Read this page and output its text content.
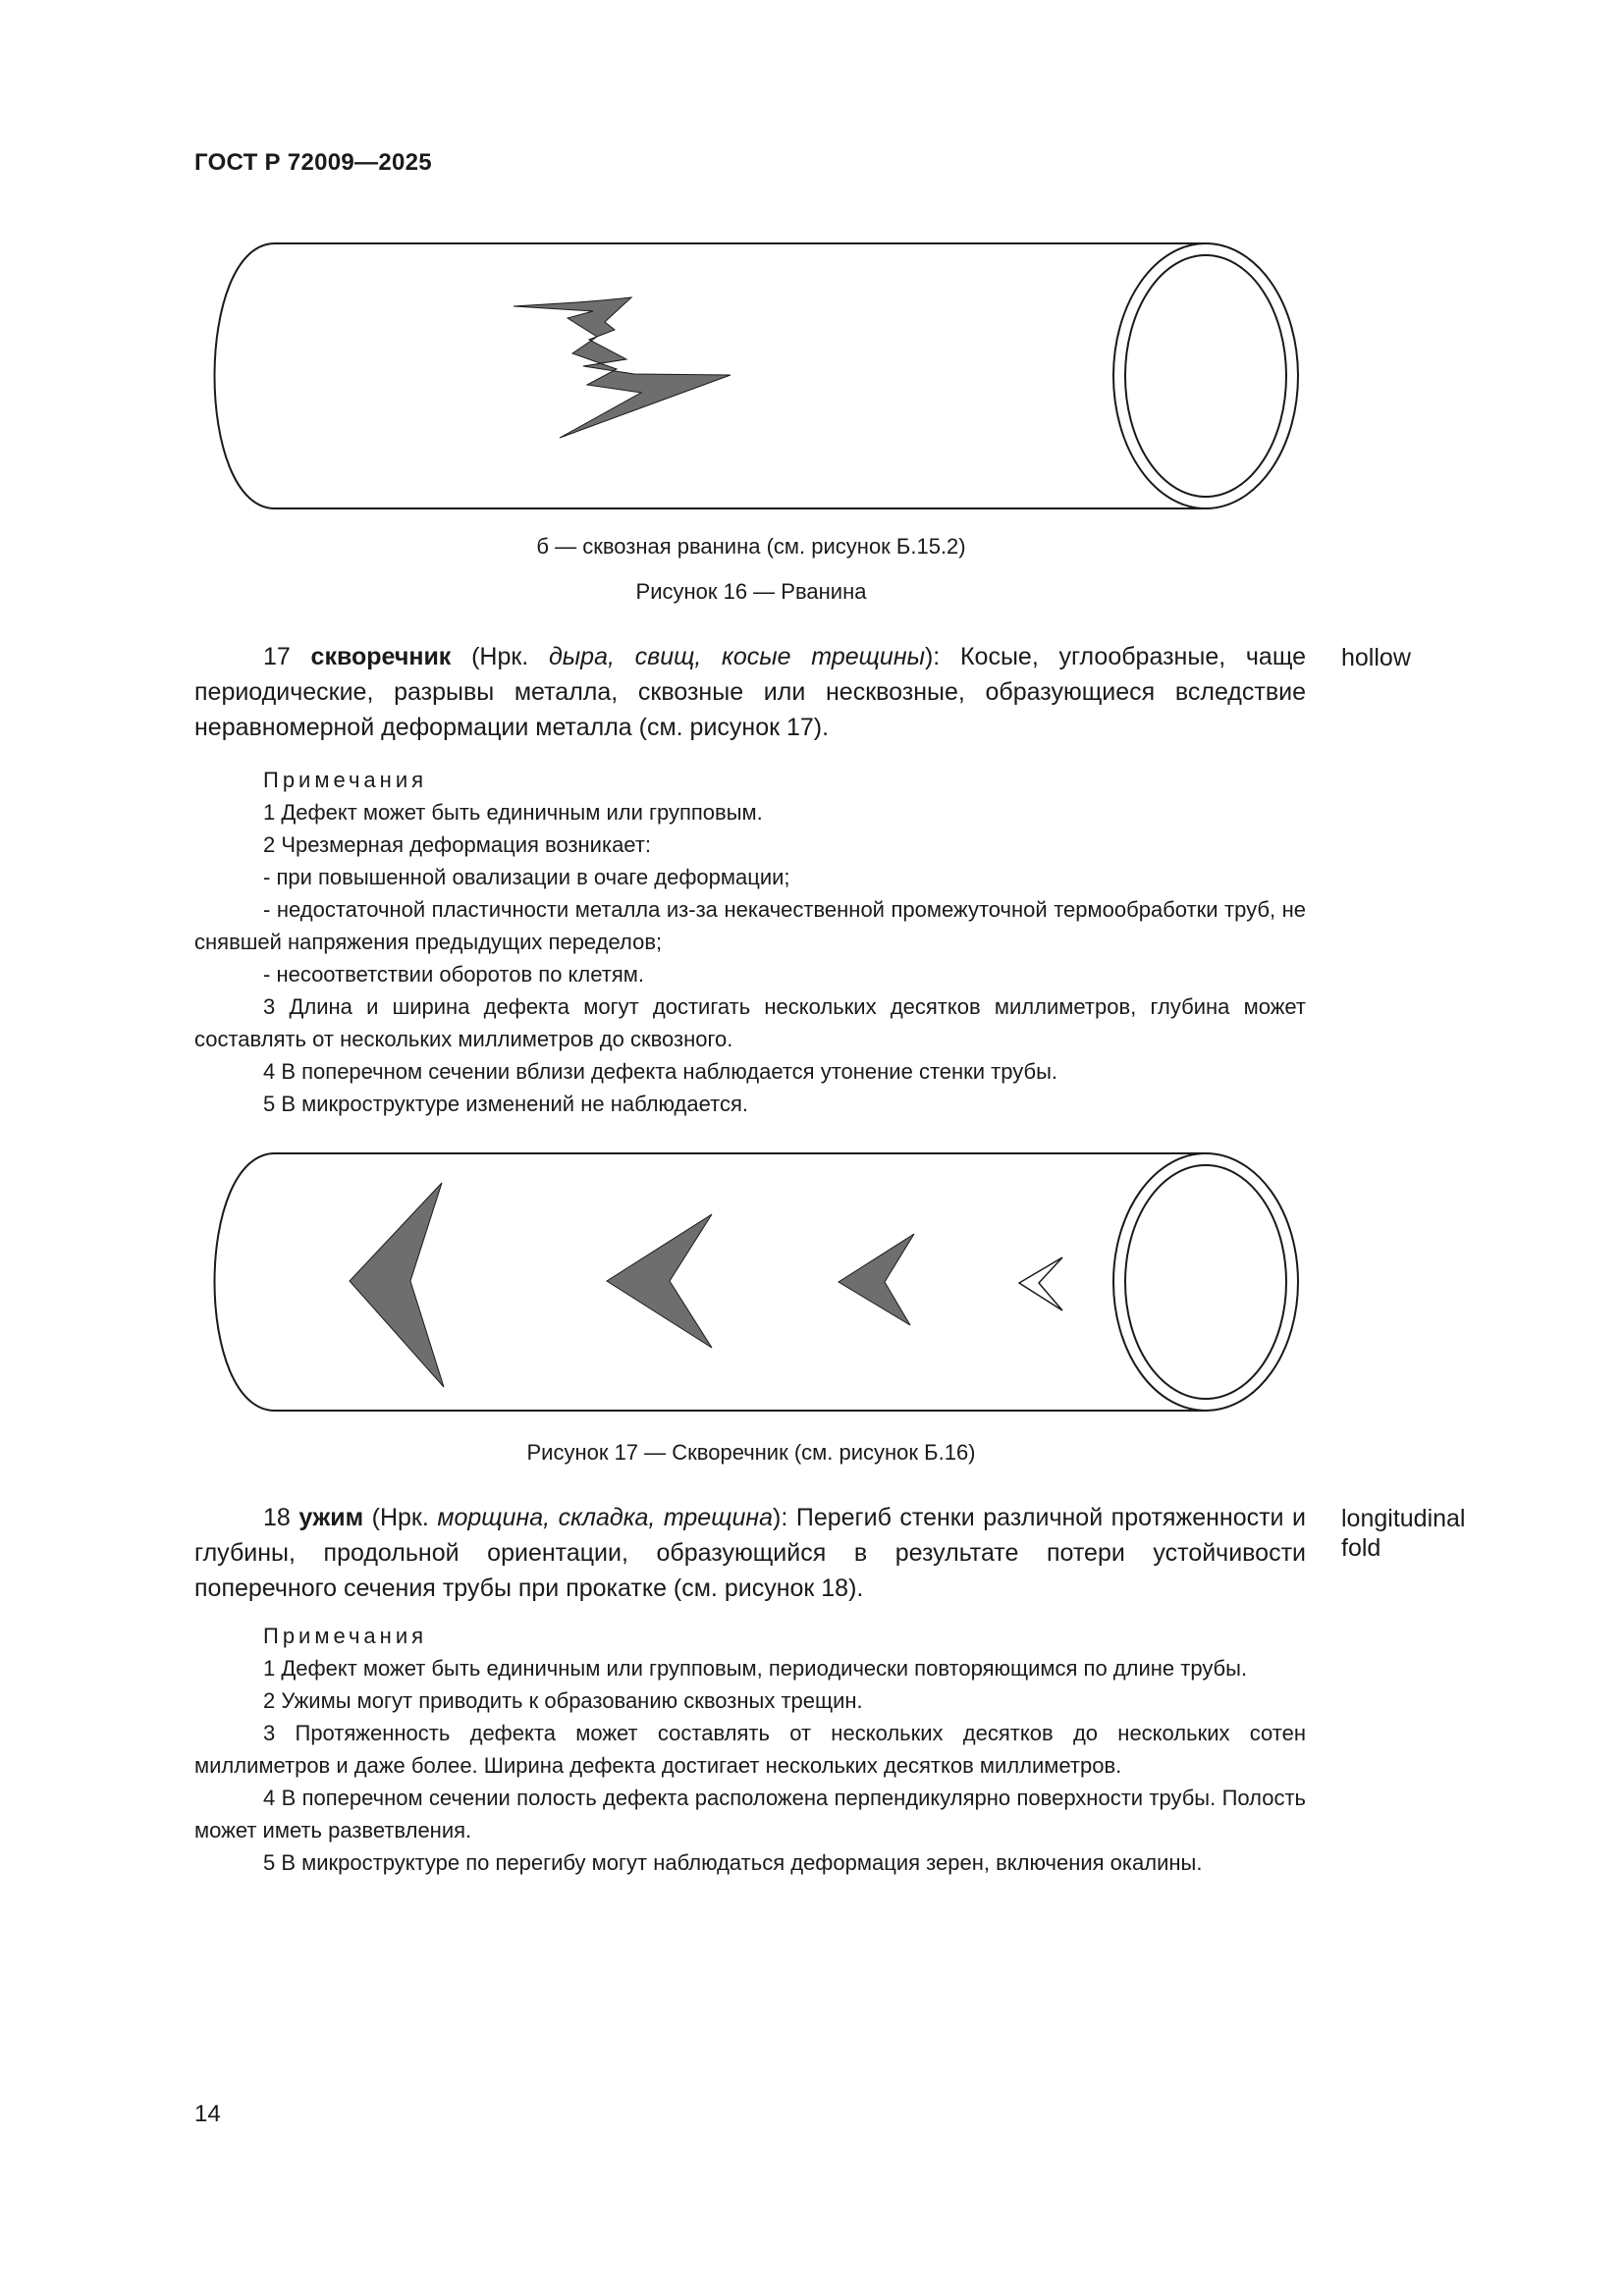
ГОСТ Р 72009—2025
б — сквозная рванина (см. рисунок Б.15.2)
Рисунок 16 — Рванина

17 скворечник (Нрк. дыра, свищ, косые трещины): Косые, углообразные, чаще периодические, разрывы металла, сквозные или несквозные, образующиеся вследствие неравномерной деформации металла (см. рисунок 17).

hollow

Примечания

1 Дефект может быть единичным или групповым.

2 Чрезмерная деформация возникает:

- при повышенной овализации в очаге деформации;

- недостаточной пластичности металла из-за некачественной промежуточной термообработки труб, не снявшей напряжения предыдущих переделов;

- несоответствии оборотов по клетям.

3 Длина и ширина дефекта могут достигать нескольких десятков миллиметров, глубина может составлять от нескольких миллиметров до сквозного.

4 В поперечном сечении вблизи дефекта наблюдается утонение стенки трубы.

5 В микроструктуре изменений не наблюдается.

Рисунок 17 — Скворечник (см. рисунок Б.16)

18 ужим (Нрк. морщина, складка, трещина): Перегиб стенки различной протяженности и глубины, продольной ориентации, образующийся в результате потери устойчивости поперечного сечения трубы при прокатке (см. рисунок 18).

longitudinal
fold

Примечания

1 Дефект может быть единичным или групповым, периодически повторяющимся по длине трубы.

2 Ужимы могут приводить к образованию сквозных трещин.

3 Протяженность дефекта может составлять от нескольких десятков до нескольких сотен миллиметров и даже более. Ширина дефекта достигает нескольких десятков миллиметров.

4 В поперечном сечении полость дефекта расположена перпендикулярно поверхности трубы. Полость может иметь разветвления.

5 В микроструктуре по перегибу могут наблюдаться деформация зерен, включения окалины.

14
